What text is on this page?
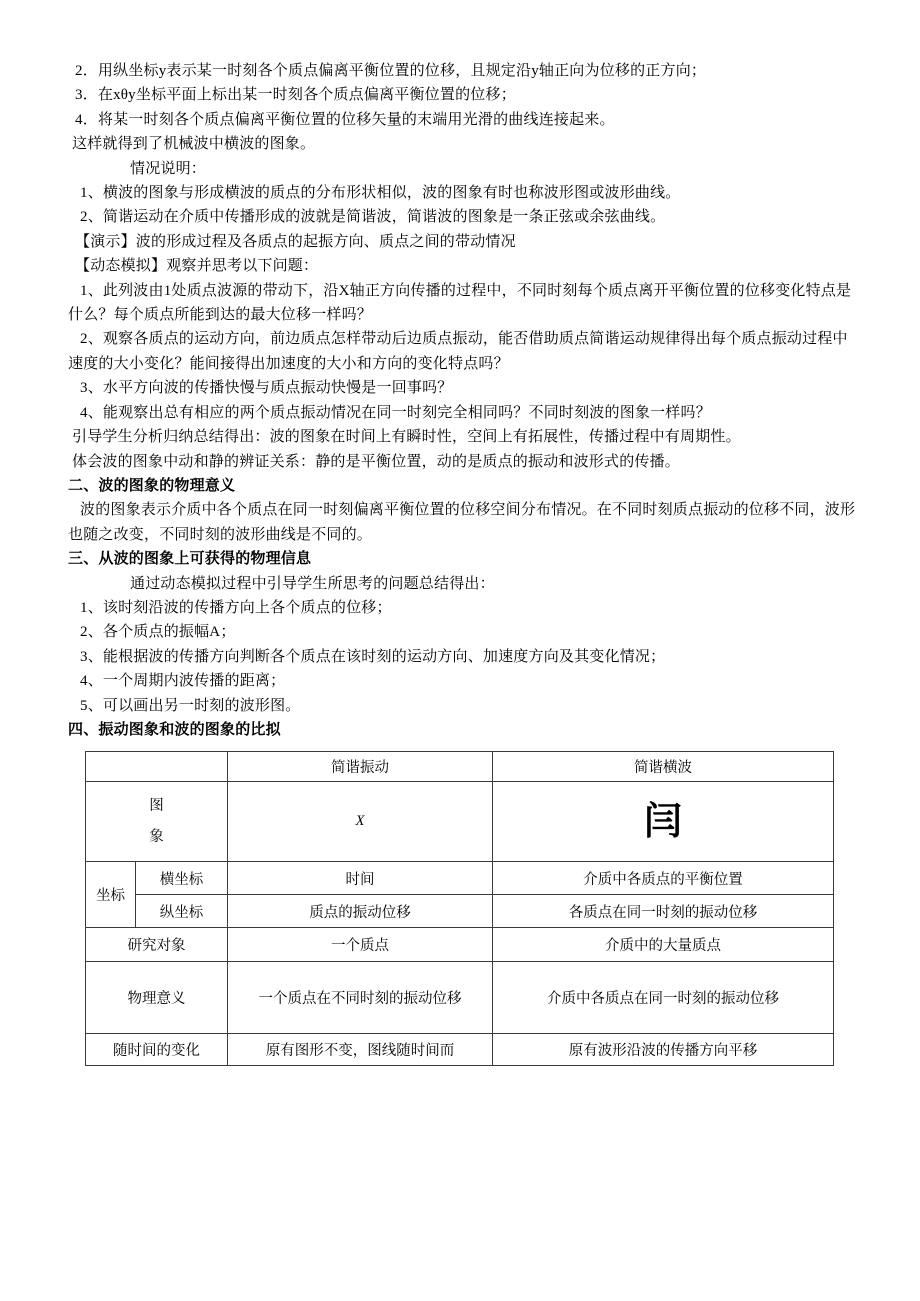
2．用纵坐标y表示某一时刻各个质点偏离平衡位置的位移，且规定沿y轴正向为位移的正方向；

3．在xθy坐标平面上标出某一时刻各个质点偏离平衡位置的位移；

4．将某一时刻各个质点偏离平衡位置的位移矢量的末端用光滑的曲线连接起来。

这样就得到了机械波中横波的图象。

情况说明：

1、横波的图象与形成横波的质点的分布形状相似，波的图象有时也称波形图或波形曲线。

2、简谐运动在介质中传播形成的波就是简谐波，简谐波的图象是一条正弦或余弦曲线。

【演示】波的形成过程及各质点的起振方向、质点之间的带动情况

【动态模拟】观察并思考以下问题：

1、此列波由1处质点波源的带动下，沿X轴正方向传播的过程中，不同时刻每个质点离开平衡位置的位移变化特点是什么？每个质点所能到达的最大位移一样吗？

2、观察各质点的运动方向，前边质点怎样带动后边质点振动，能否借助质点简谐运动规律得出每个质点振动过程中速度的大小变化？能间接得出加速度的大小和方向的变化特点吗？

3、水平方向波的传播快慢与质点振动快慢是一回事吗？

4、能观察出总有相应的两个质点振动情况在同一时刻完全相同吗？不同时刻波的图象一样吗？

引导学生分析归纳总结得出：波的图象在时间上有瞬时性，空间上有拓展性，传播过程中有周期性。

体会波的图象中动和静的辨证关系：静的是平衡位置，动的是质点的振动和波形式的传播。

二、波的图象的物理意义

波的图象表示介质中各个质点在同一时刻偏离平衡位置的位移空间分布情况。在不同时刻质点振动的位移不同，波形也随之改变，不同时刻的波形曲线是不同的。

三、从波的图象上可获得的物理信息

通过动态模拟过程中引导学生所思考的问题总结得出：

1、该时刻沿波的传播方向上各个质点的位移；

2、各个质点的振幅A；

3、能根据波的传播方向判断各个质点在该时刻的运动方向、加速度方向及其变化情况；

4、一个周期内波传播的距离；

5、可以画出另一时刻的波形图。

四、振动图象和波的图象的比拟

		简谐振动	简谐横波
图象		X	闫
坐标	横坐标	时间	介质中各质点的平衡位置
	纵坐标	质点的振动位移	各质点在同一时刻的振动位移
研究对象		一个质点	介质中的大量质点
物理意义		一个质点在不同时刻的振动位移	介质中各质点在同一时刻的振动位移
随时间的变化		原有图形不变，图线随时间而	原有波形沿波的传播方向平移
